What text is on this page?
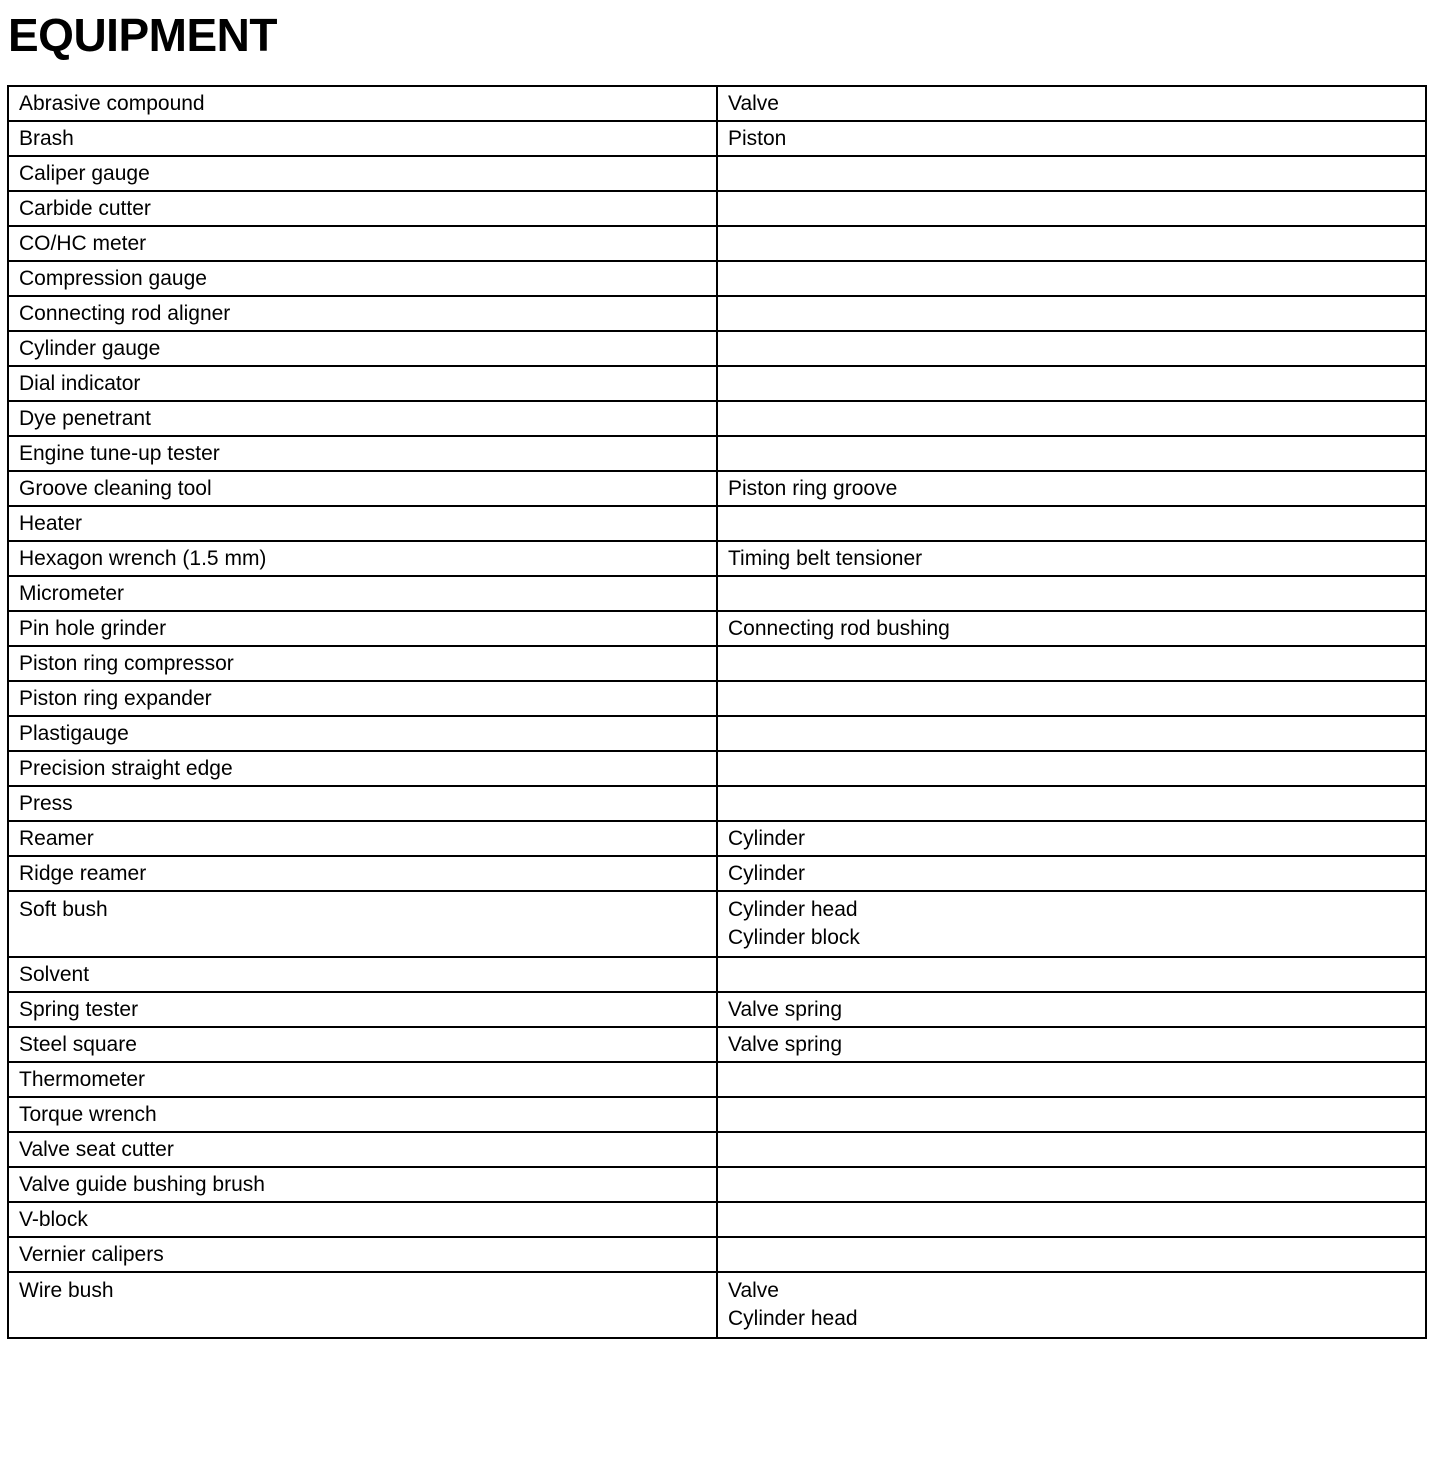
EQUIPMENT
Abrasive compound	Valve

Brash	Piston

Caliper gauge	
Carbide cutter	
CO/HC meter	
Compression gauge	
Connecting rod aligner	
Cylinder gauge	
Dial indicator	
Dye penetrant	
Engine tune-up tester	
Groove cleaning tool	Piston ring groove

Heater	
Hexagon wrench (1.5 mm)	Timing belt tensioner

Micrometer	
Pin hole grinder	Connecting rod bushing

Piston ring compressor	
Piston ring expander	
Plastigauge	
Precision straight edge	
Press	
Reamer	Cylinder

Ridge reamer	Cylinder

Soft bush	Cylinder head
Cylinder block

Solvent	
Spring tester	Valve spring

Steel square	Valve spring

Thermometer	
Torque wrench	
Valve seat cutter	
Valve guide bushing brush	
V-block	
Vernier calipers	
Wire bush	Valve
Cylinder head
